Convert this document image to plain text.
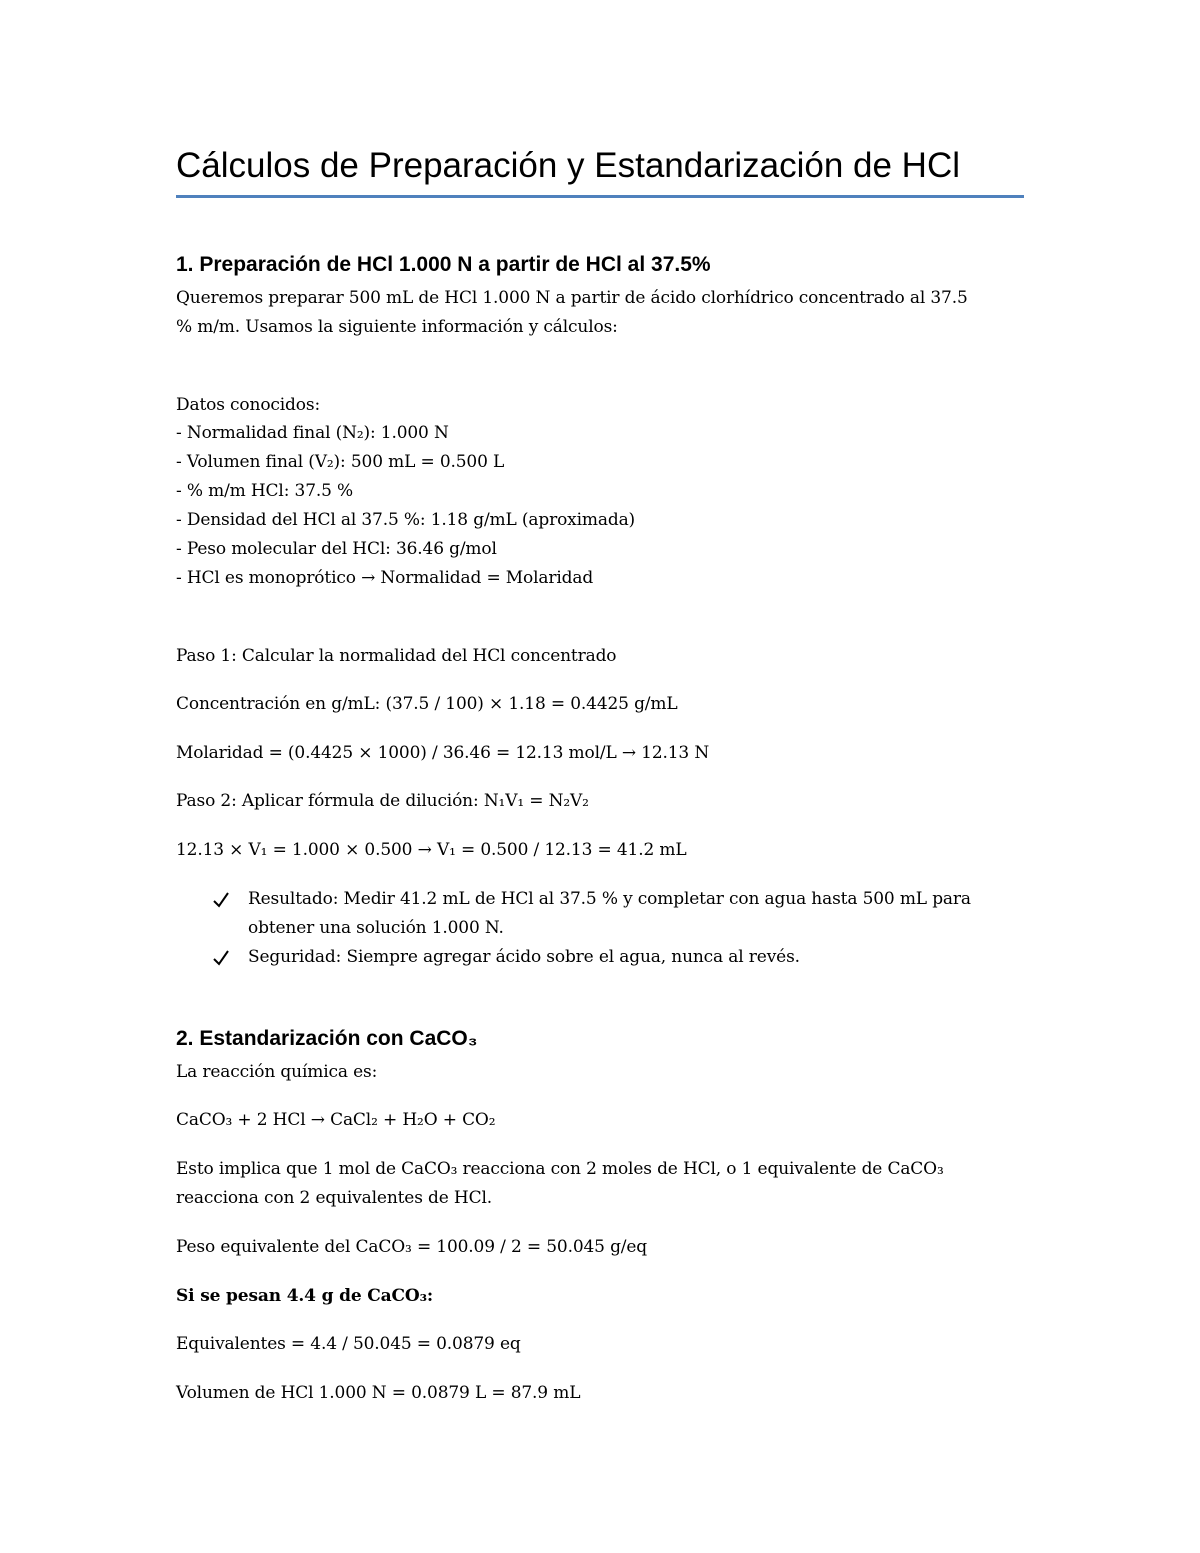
Cálculos de Preparación y Estandarización de HCl
1. Preparación de HCl 1.000 N a partir de HCl al 37.5%
Queremos preparar 500 mL de HCl 1.000 N a partir de ácido clorhídrico concentrado al 37.5
% m/m. Usamos la siguiente información y cálculos:
Datos conocidos:
- Normalidad final (N₂): 1.000 N
- Volumen final (V₂): 500 mL = 0.500 L
- % m/m HCl: 37.5 %
- Densidad del HCl al 37.5 %: 1.18 g/mL (aproximada)
- Peso molecular del HCl: 36.46 g/mol
- HCl es monoprótico → Normalidad = Molaridad
Paso 1: Calcular la normalidad del HCl concentrado
Concentración en g/mL: (37.5 / 100) × 1.18 = 0.4425 g/mL
Molaridad = (0.4425 × 1000) / 36.46 = 12.13 mol/L → 12.13 N
Paso 2: Aplicar fórmula de dilución: N₁V₁ = N₂V₂
12.13 × V₁ = 1.000 × 0.500 → V₁ = 0.500 / 12.13 = 41.2 mL
Resultado: Medir 41.2 mL de HCl al 37.5 % y completar con agua hasta 500 mL para
obtener una solución 1.000 N.
Seguridad: Siempre agregar ácido sobre el agua, nunca al revés.
2. Estandarización con CaCO₃
La reacción química es:
CaCO₃ + 2 HCl → CaCl₂ + H₂O + CO₂
Esto implica que 1 mol de CaCO₃ reacciona con 2 moles de HCl, o 1 equivalente de CaCO₃
reacciona con 2 equivalentes de HCl.
Peso equivalente del CaCO₃ = 100.09 / 2 = 50.045 g/eq
Si se pesan 4.4 g de CaCO₃:
Equivalentes = 4.4 / 50.045 = 0.0879 eq
Volumen de HCl 1.000 N = 0.0879 L = 87.9 mL
